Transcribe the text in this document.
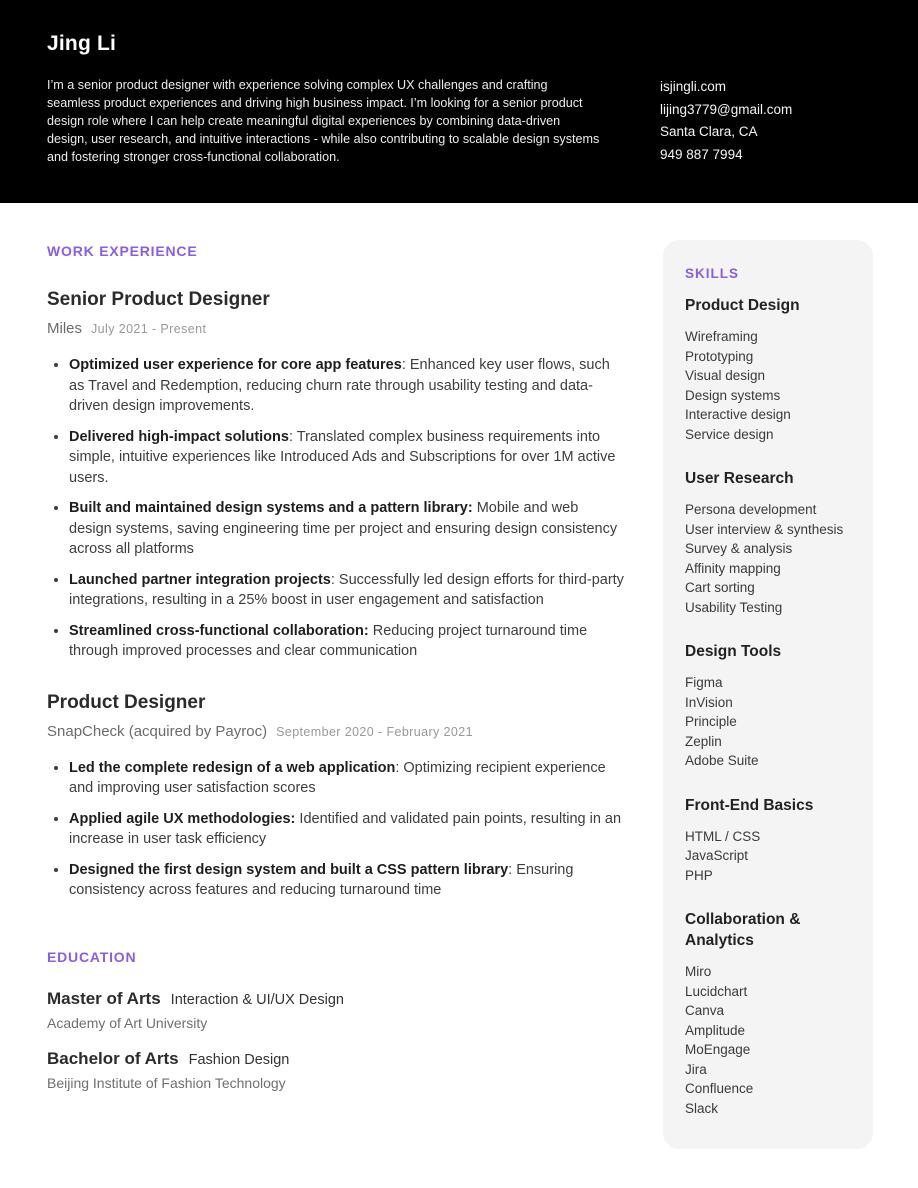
Jing Li

I’m a senior product designer with experience solving complex UX challenges and crafting seamless product experiences and driving high business impact. I’m looking for a senior product design role where I can help create meaningful digital experiences by combining data-driven design, user research, and intuitive interactions - while also contributing to scalable design systems and fostering stronger cross-functional collaboration.

isjingli.com
lijing3779@gmail.com
Santa Clara, CA
949 887 7994
WORK EXPERIENCE
Senior Product Designer
Miles July 2021 - Present
• Optimized user experience for core app features: Enhanced key user flows, such as Travel and Redemption, reducing churn rate through usability testing and data-driven design improvements.
• Delivered high-impact solutions: Translated complex business requirements into simple, intuitive experiences like Introduced Ads and Subscriptions for over 1M active users.
• Built and maintained design systems and a pattern library: Mobile and web design systems, saving engineering time per project and ensuring design consistency across all platforms
• Launched partner integration projects: Successfully led design efforts for third-party integrations, resulting in a 25% boost in user engagement and satisfaction
• Streamlined cross-functional collaboration: Reducing project turnaround time through improved processes and clear communication
Product Designer
SnapCheck (acquired by Payroc) September 2020 - February 2021
• Led the complete redesign of a web application: Optimizing recipient experience and improving user satisfaction scores
• Applied agile UX methodologies: Identified and validated pain points, resulting in an increase in user task efficiency
• Designed the first design system and built a CSS pattern library: Ensuring consistency across features and reducing turnaround time
EDUCATION
Master of Arts Interaction & UI/UX Design
Academy of Art University
Bachelor of Arts Fashion Design
Beijing Institute of Fashion Technology
SKILLS
Product Design
Wireframing
Prototyping
Visual design
Design systems
Interactive design
Service design
User Research
Persona development
User interview & synthesis
Survey & analysis
Affinity mapping
Cart sorting
Usability Testing
Design Tools
Figma
InVision
Principle
Zeplin
Adobe Suite
Front-End Basics
HTML / CSS
JavaScript
PHP
Collaboration & Analytics
Miro
Lucidchart
Canva
Amplitude
MoEngage
Jira
Confluence
Slack
